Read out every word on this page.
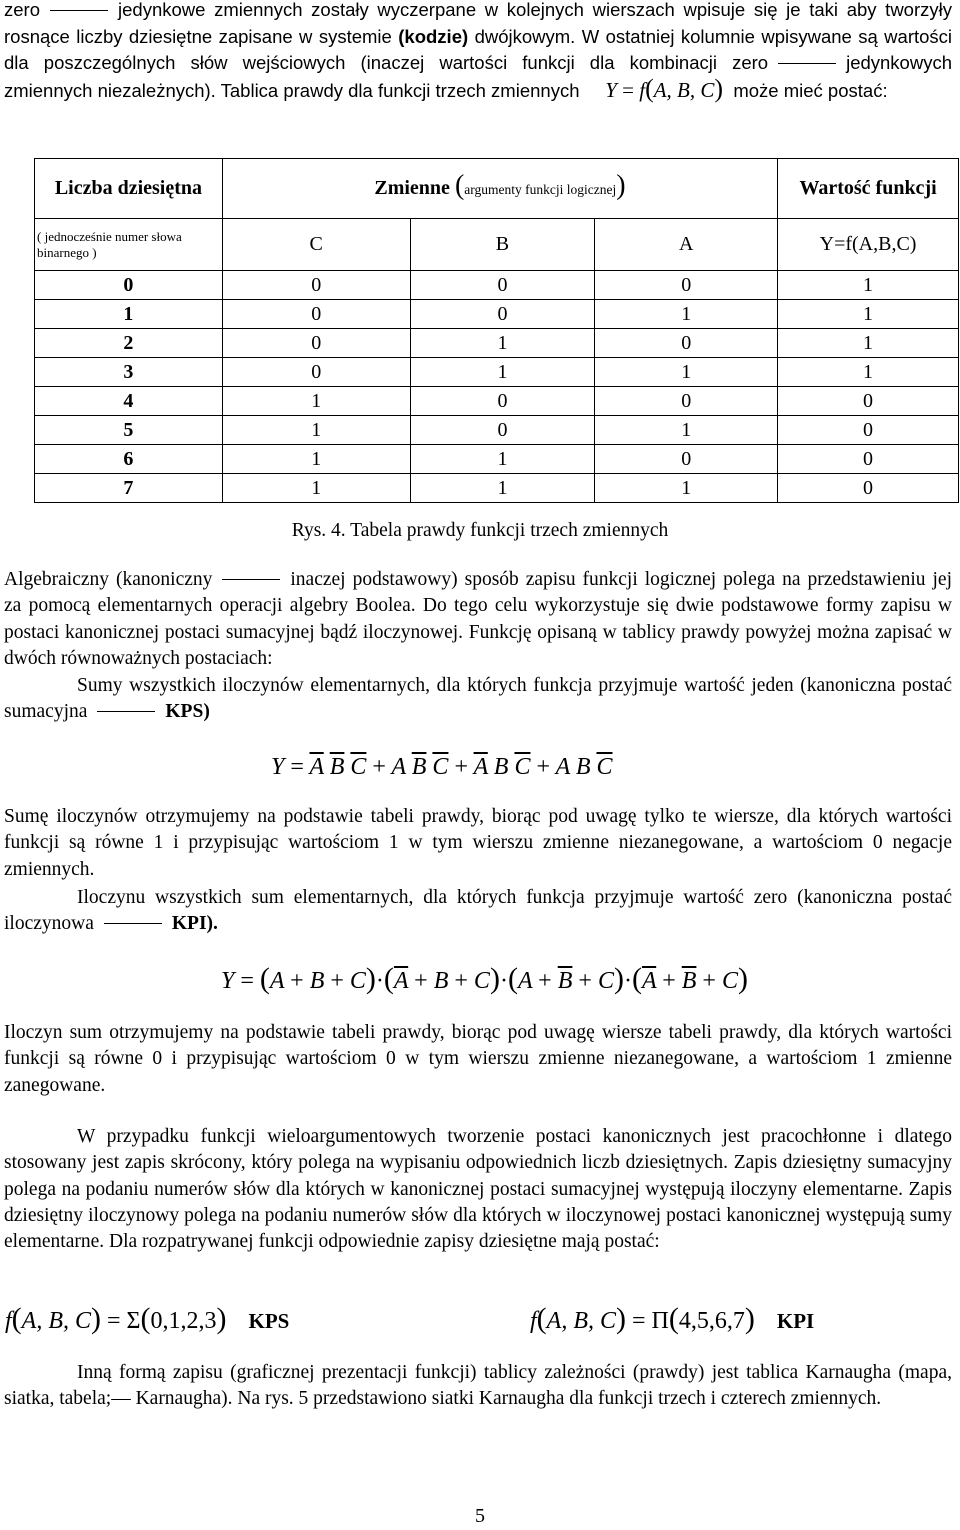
zero	jedynkowe zmiennych zostały wyczerpane w kolejnych wierszach wpisuje się je taki aby tworzyły rosnące liczby dziesiętne zapisane w systemie (kodzie) dwójkowym. W ostatniej kolumnie wpisywane są wartości dla poszczególnych słów wejściowych (inaczej wartości funkcji dla kombinacji zero	jedynkowych zmiennych niezależnych). Tablica prawdy dla funkcji trzech zmiennych Y = f(A, B, C) może mieć postać:

Liczba dziesiętna	Zmienne (argumenty funkcji logicznej)			Wartość funkcji
( jednocześnie numer słowa binarnego )	C	B	A	Y=f(A,B,C)
0	0	0	0	1
1	0	0	1	1
2	0	1	0	1
3	0	1	1	1
4	1	0	0	0
5	1	0	1	0
6	1	1	0	0
7	1	1	1	0
Rys. 4. Tabela prawdy funkcji trzech zmiennych

Algebraiczny (kanoniczny	inaczej podstawowy) sposób zapisu funkcji logicznej polega na przedstawieniu jej za pomocą elementarnych operacji algebry Boolea. Do tego celu wykorzystuje się dwie podstawowe formy zapisu w postaci kanonicznej postaci sumacyjnej bądź iloczynowej. Funkcję opisaną w tablicy prawdy powyżej można zapisać w dwóch równoważnych postaciach:

Sumy wszystkich iloczynów elementarnych, dla których funkcja przyjmuje wartość jeden (kanoniczna postać sumacyjna	KPS)

$Y = \overline{A}$ $\overline{B}$ $\overline{C} + A$ $\overline{B}$ $\overline{C} + \overline{A}$ B $\overline{C} + A$ B $\overline{C}$

Sumę iloczynów otrzymujemy na podstawie tabeli prawdy, biorąc pod uwagę tylko te wiersze, dla których wartości funkcji są równe 1 i przypisując wartościom 1 w tym wierszu zmienne niezanegowane, a wartościom 0 negacje zmiennych.

Iloczynu wszystkich sum elementarnych, dla których funkcja przyjmuje wartość zero (kanoniczna postać iloczynowa	KPI).

$Y = (A + B + C)\cdot(\overline{A} + B + C)\cdot(A + \overline{B} + C)\cdot(\overline{A} + \overline{B} + C)$

Iloczyn sum otrzymujemy na podstawie tabeli prawdy, biorąc pod uwagę wiersze tabeli prawdy, dla których wartości funkcji są równe 0 i przypisując wartościom 0 w tym wierszu zmienne niezanegowane, a wartościom 1 zmienne zanegowane.

W przypadku funkcji wieloargumentowych tworzenie postaci kanonicznych jest pracochłonne i dlatego stosowany jest zapis skrócony, który polega na wypisaniu odpowiednich liczb dziesiętnych. Zapis dziesiętny sumacyjny polega na podaniu numerów słów dla których w kanonicznej postaci sumacyjnej występują iloczyny elementarne. Zapis dziesiętny iloczynowy polega na podaniu numerów słów dla których w iloczynowej postaci kanonicznej występują sumy elementarne. Dla rozpatrywanej funkcji odpowiednie zapisy dziesiętne mają postać:

f(A, B, C) = Σ(0,1,2,3) KPS	f(A, B, C) = Π(4,5,6,7) KPI

Inną formą zapisu (graficznej prezentacji funkcji) tablicy zależności (prawdy) jest tablica Karnaugha (mapa, siatka, tabela;— Karnaugha). Na rys. 5 przedstawiono siatki Karnaugha dla funkcji trzech i czterech zmiennych.

5
